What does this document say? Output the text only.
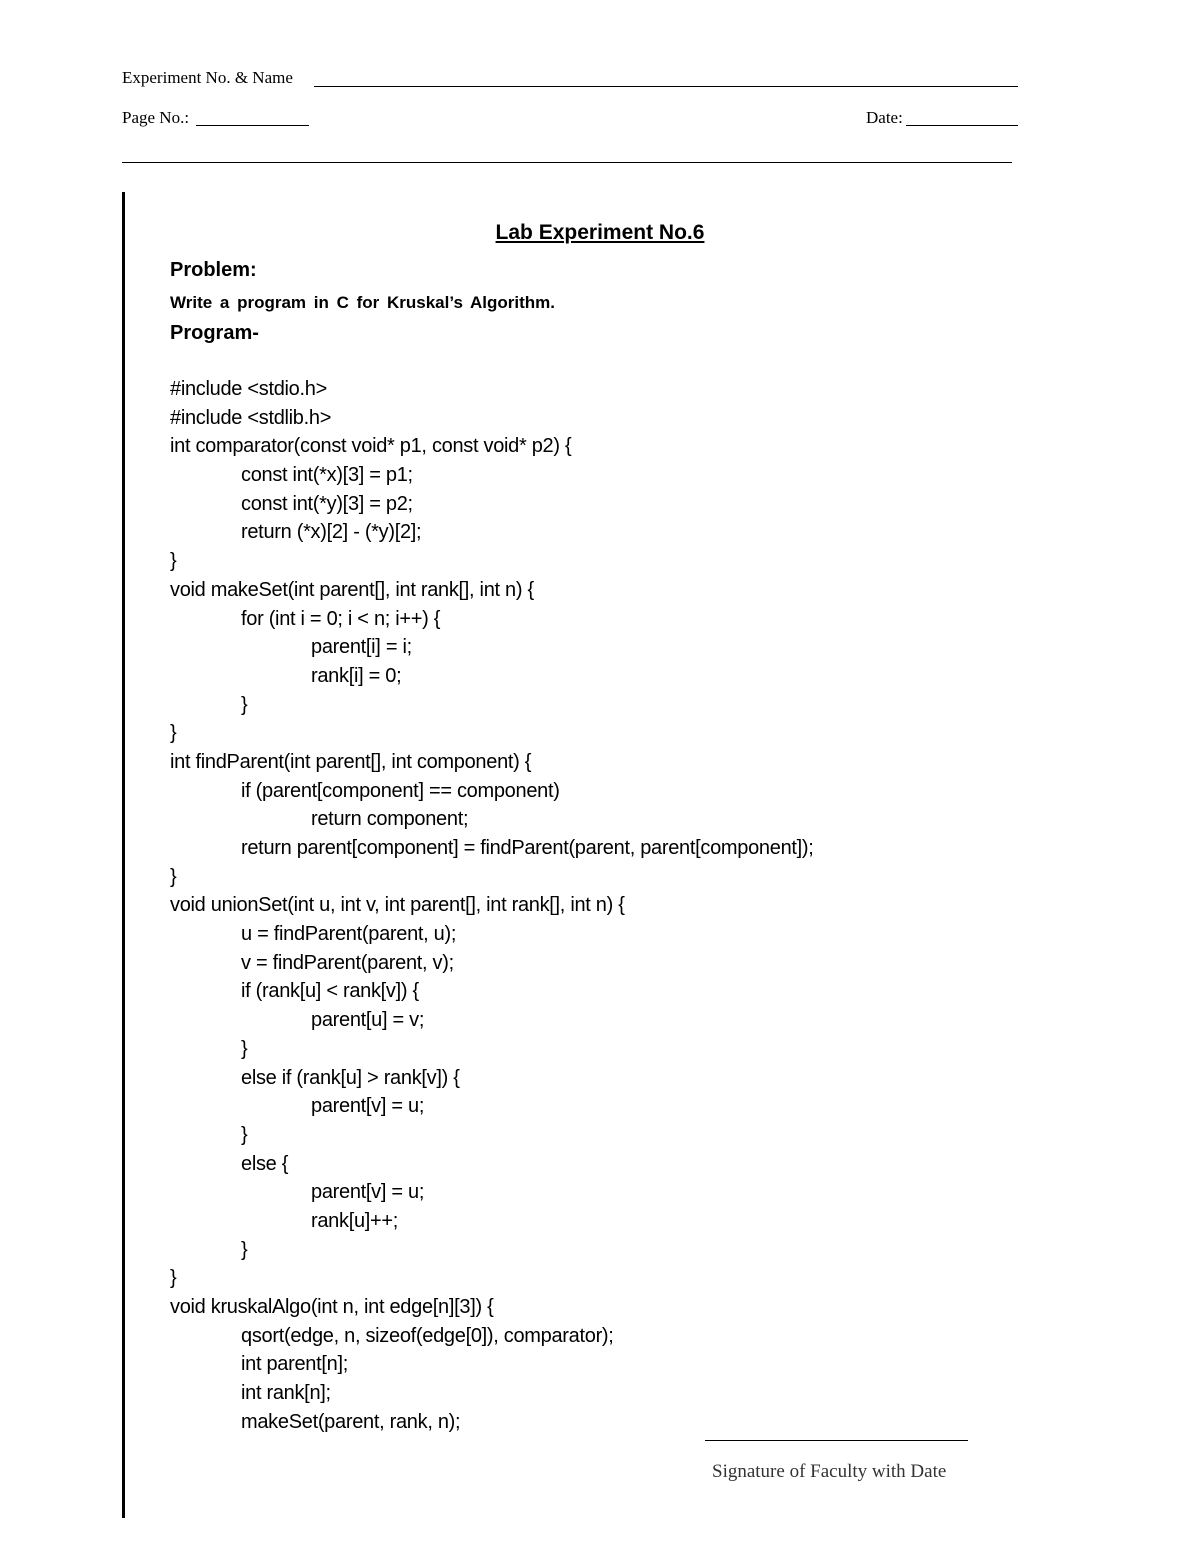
Experiment No. & Name
Page No.:	Date:
Lab Experiment No.6
Problem:
Write a program in C for Kruskal’s Algorithm.
Program-
#include <stdio.h>
#include <stdlib.h>
int comparator(const void* p1, const void* p2) {
const int(*x)[3] = p1;
const int(*y)[3] = p2;
return (*x)[2] - (*y)[2];
}
void makeSet(int parent[], int rank[], int n) {
for (int i = 0; i < n; i++) {
parent[i] = i;
rank[i] = 0;
}
}
int findParent(int parent[], int component) {
if (parent[component] == component)
return component;
return parent[component] = findParent(parent, parent[component]);
}
void unionSet(int u, int v, int parent[], int rank[], int n) {
u = findParent(parent, u);
v = findParent(parent, v);
if (rank[u] < rank[v]) {
parent[u] = v;
}
else if (rank[u] > rank[v]) {
parent[v] = u;
}
else {
parent[v] = u;
rank[u]++;
}
}
void kruskalAlgo(int n, int edge[n][3]) {
qsort(edge, n, sizeof(edge[0]), comparator);
int parent[n];
int rank[n];
makeSet(parent, rank, n);
Signature of Faculty with Date
